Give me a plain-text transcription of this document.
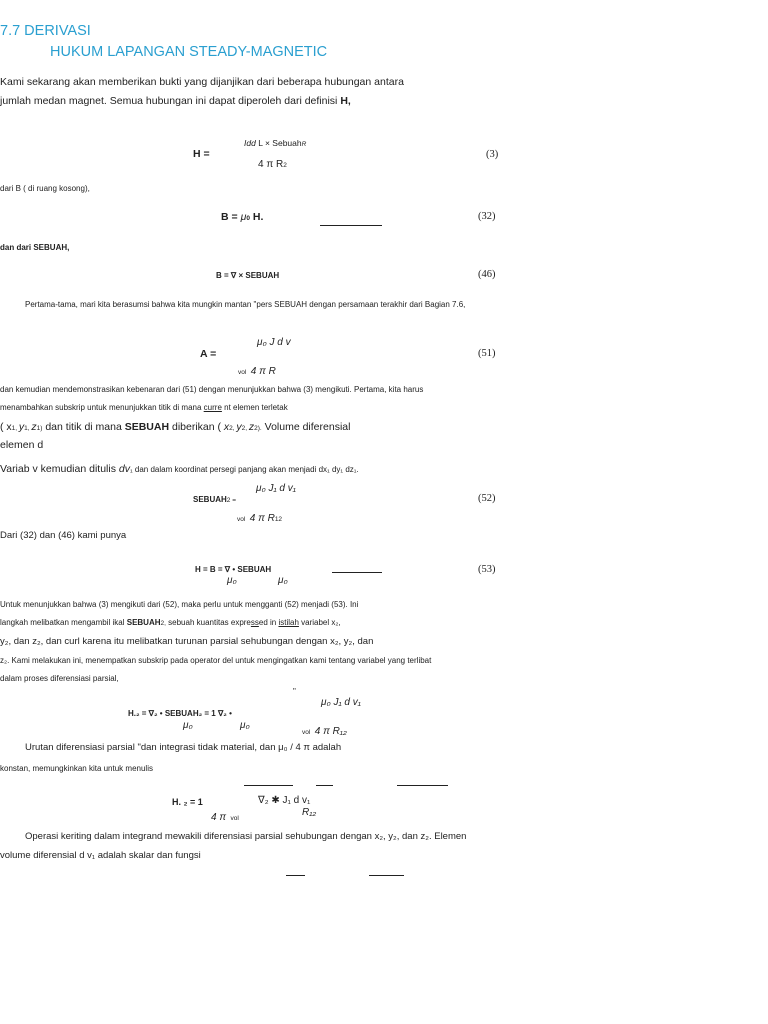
7.7 DERIVASI
HUKUM LAPANGAN STEADY-MAGNETIC
Kami sekarang akan memberikan bukti yang dijanjikan dari beberapa hubungan antara
jumlah medan magnet. Semua hubungan ini dapat diperoleh dari definisi H,
Idd L × SebuahR
H =
4 π R2
(3)
dari B ( di ruang kosong),
B = μ0 H.	(32)
dan dari SEBUAH,
B = ∇ × SEBUAH	(46)
Pertama-tama, mari kita berasumsi bahwa kita mungkin mantan "pers SEBUAH dengan persamaan terakhir dari Bagian 7.6,
μ₀ J d v
A =
vol 4 π R
(51)
dan kemudian mendemonstrasikan kebenaran dari (51) dengan menunjukkan bahwa (3) mengikuti. Pertama, kita harus
menambahkan subskrip untuk menunjukkan titik di mana curre nt elemen terletak
( x1, y1, z1) dan titik di mana SEBUAH diberikan ( x2, y2, z2). Volume diferensial
elemen d
Variab v kemudian ditulis dv₁ dan dalam koordinat persegi panjang akan menjadi dx₁ dy₁ dz₁.
μ₀ J₁ d v₁
SEBUAH2 =
vol 4 π R12
(52)
Dari (32) dan (46) kami punya
H = B = ∇ • SEBUAH
μ₀	μ₀
(53)
Untuk menunjukkan bahwa (3) mengikuti dari (52), maka perlu untuk mengganti (52) menjadi (53). Ini
langkah melibatkan mengambil ikal SEBUAH2, sebuah kuantitas expressed in istilah variabel x₂,
y₂, dan z₂, dan curl karena itu melibatkan turunan parsial sehubungan dengan x₂, y₂, dan
z₂. Kami melakukan ini, menempatkan subskrip pada operator del untuk mengingatkan kami tentang variabel yang terlibat
dalam proses diferensiasi parsial,
"
μ₀ J₁ d v₁
H.₂ = ∇₂ • SEBUAH₂ = 1 ∇₂ •
μ₀	μ₀
vol 4 π R₁₂
Urutan diferensiasi parsial "dan integrasi tidak material, dan μ₀ / 4 π adalah
konstan, memungkinkan kita untuk menulis
H. ₂ = 1
4 π vol
∇₂ ✱ J₁ d v₁
R₁₂
Operasi keriting dalam integrand mewakili diferensiasi parsial sehubungan dengan x₂, y₂, dan z₂. Elemen
volume diferensial d v₁ adalah skalar dan fungsi
